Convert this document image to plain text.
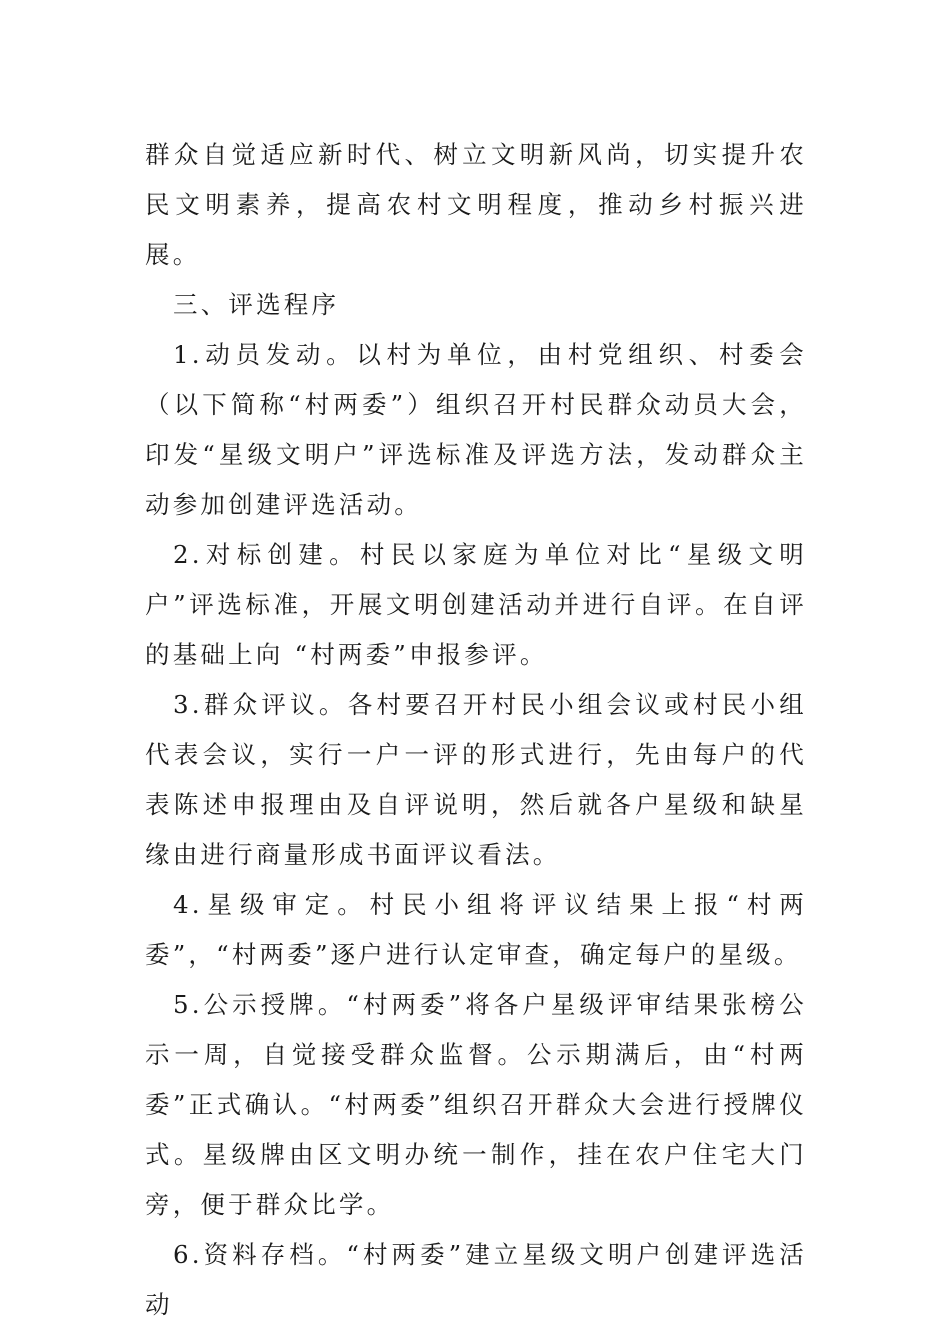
群众自觉适应新时代、树立文明新风尚，切实提升农民文明素养，提高农村文明程度，推动乡村振兴进展。

三、评选程序

1.动员发动。以村为单位，由村党组织、村委会（以下简称“村两委”）组织召开村民群众动员大会，印发“星级文明户”评选标准及评选方法，发动群众主动参加创建评选活动。

2.对标创建。村民以家庭为单位对比“星级文明户”评选标准，开展文明创建活动并进行自评。在自评的基础上向 “村两委”申报参评。

3.群众评议。各村要召开村民小组会议或村民小组代表会议，实行一户一评的形式进行，先由每户的代表陈述申报理由及自评说明，然后就各户星级和缺星缘由进行商量形成书面评议看法。

4.星级审定。村民小组将评议结果上报“村两委”，“村两委”逐户进行认定审查，确定每户的星级。

5.公示授牌。“村两委”将各户星级评审结果张榜公示一周，自觉接受群众监督。公示期满后，由“村两委”正式确认。“村两委”组织召开群众大会进行授牌仪式。星级牌由区文明办统一制作，挂在农户住宅大门旁，便于群众比学。

6.资料存档。“村两委”建立星级文明户创建评选活动
